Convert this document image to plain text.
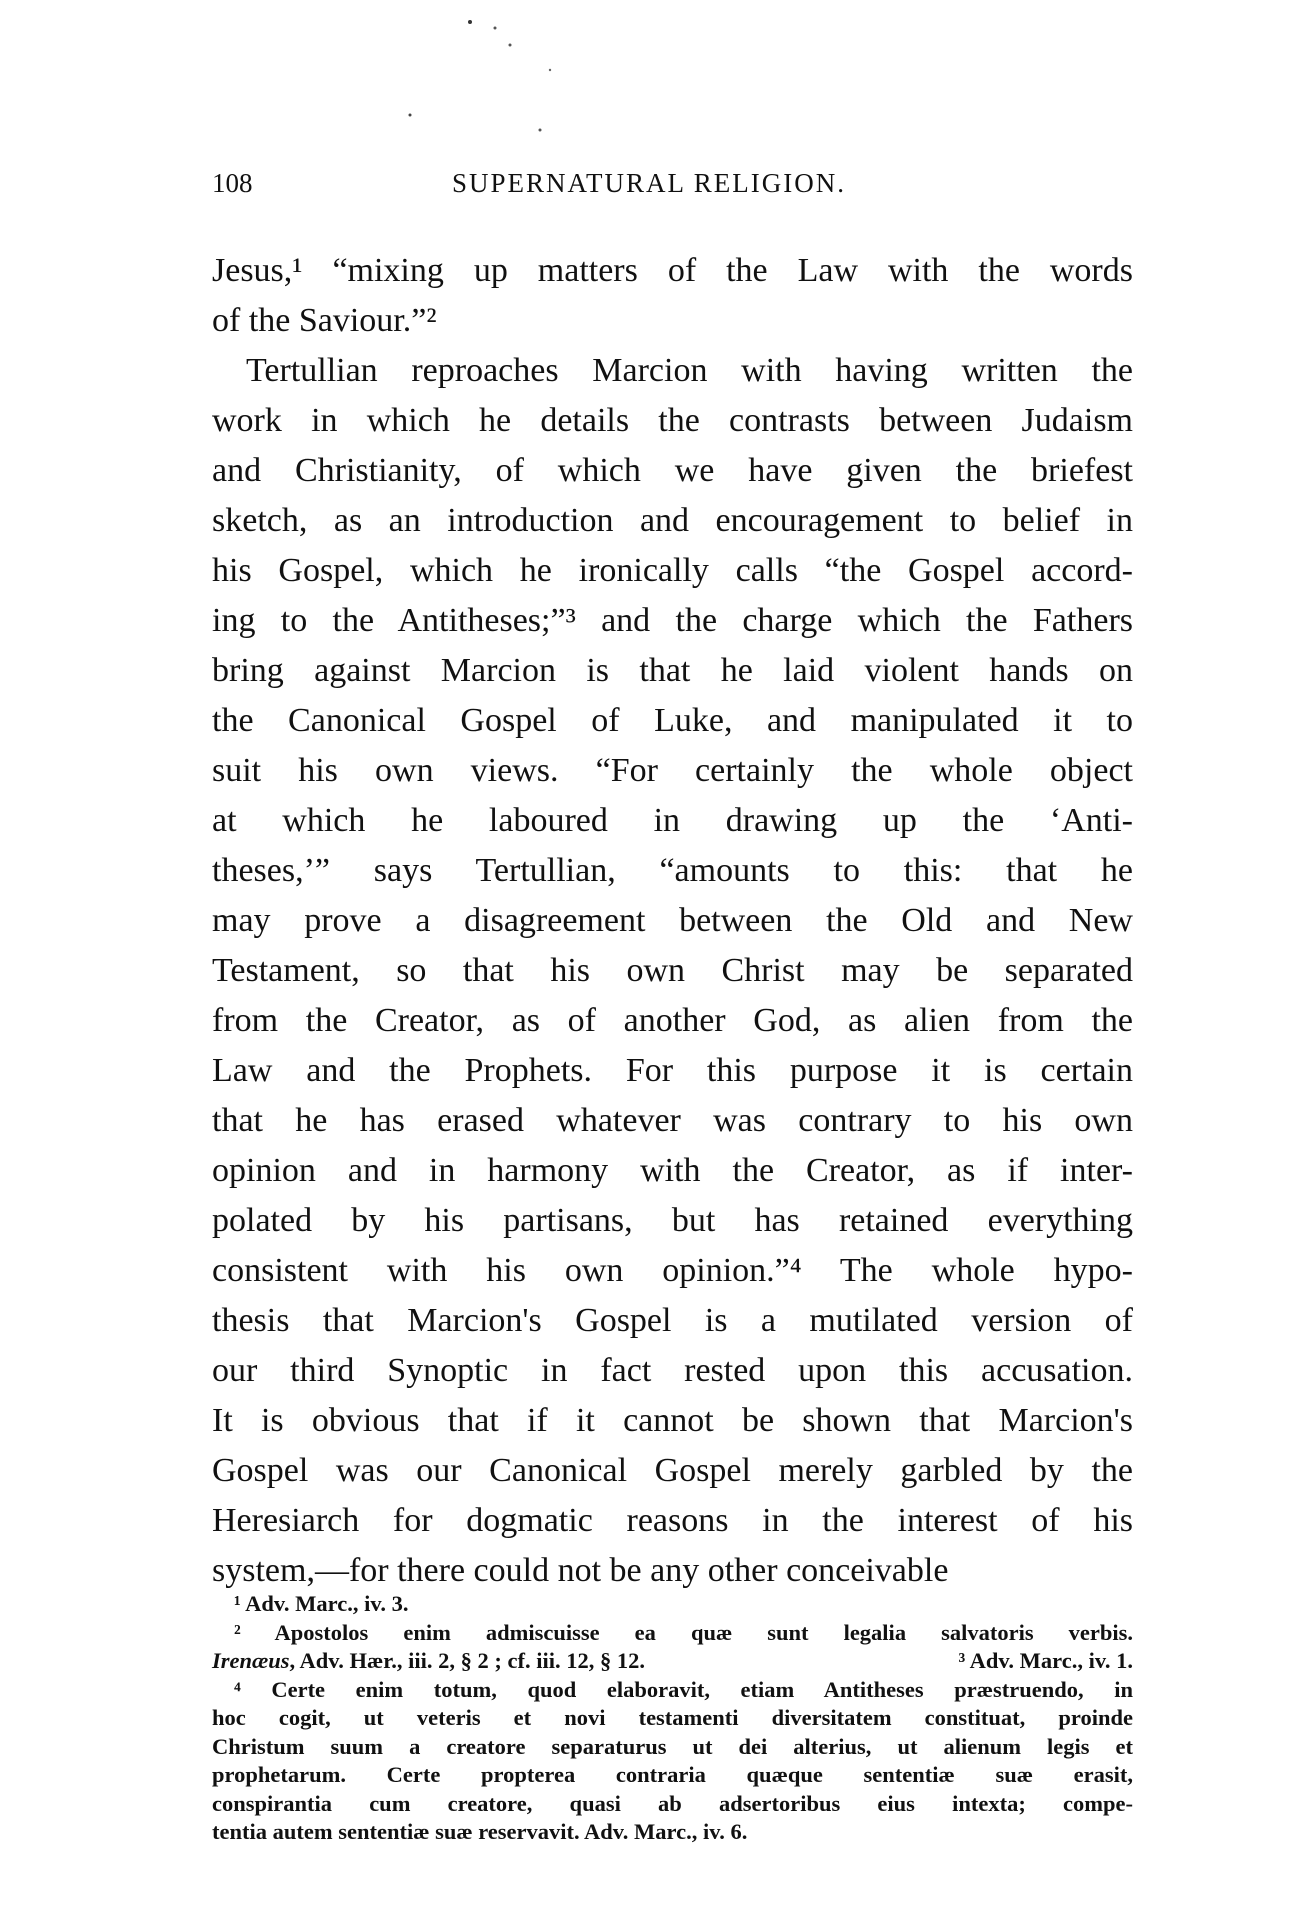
108	SUPERNATURAL RELIGION.
Jesus,¹ “mixing up matters of the Law with the words
of the Saviour.”²
Tertullian reproaches Marcion with having written the
work in which he details the contrasts between Judaism
and Christianity, of which we have given the briefest
sketch, as an introduction and encouragement to belief in
his Gospel, which he ironically calls “the Gospel accord-
ing to the Antitheses;”³ and the charge which the Fathers
bring against Marcion is that he laid violent hands on
the Canonical Gospel of Luke, and manipulated it to
suit his own views. “For certainly the whole object
at which he laboured in drawing up the ‘Anti-
theses,’” says Tertullian, “amounts to this: that he
may prove a disagreement between the Old and New
Testament, so that his own Christ may be separated
from the Creator, as of another God, as alien from the
Law and the Prophets. For this purpose it is certain
that he has erased whatever was contrary to his own
opinion and in harmony with the Creator, as if inter-
polated by his partisans, but has retained everything
consistent with his own opinion.”⁴ The whole hypo-
thesis that Marcion's Gospel is a mutilated version of
our third Synoptic in fact rested upon this accusation.
It is obvious that if it cannot be shown that Marcion's
Gospel was our Canonical Gospel merely garbled by the
Heresiarch for dogmatic reasons in the interest of his
system,—for there could not be any other conceivable
¹ Adv. Marc., iv. 3.
² Apostolos enim admiscuisse ea quæ sunt legalia salvatoris verbis.
Irenæus, Adv. Hær., iii. 2, § 2 ; cf. iii. 12, § 12.	³ Adv. Marc., iv. 1.
⁴ Certe enim totum, quod elaboravit, etiam Antitheses præstruendo, in
hoc cogit, ut veteris et novi testamenti diversitatem constituat, proinde
Christum suum a creatore separaturus ut dei alterius, ut alienum legis et
prophetarum. Certe propterea contraria quæque sententiæ suæ erasit,
conspirantia cum creatore, quasi ab adsertoribus eius intexta; compe-
tentia autem sententiæ suæ reservavit. Adv. Marc., iv. 6.
